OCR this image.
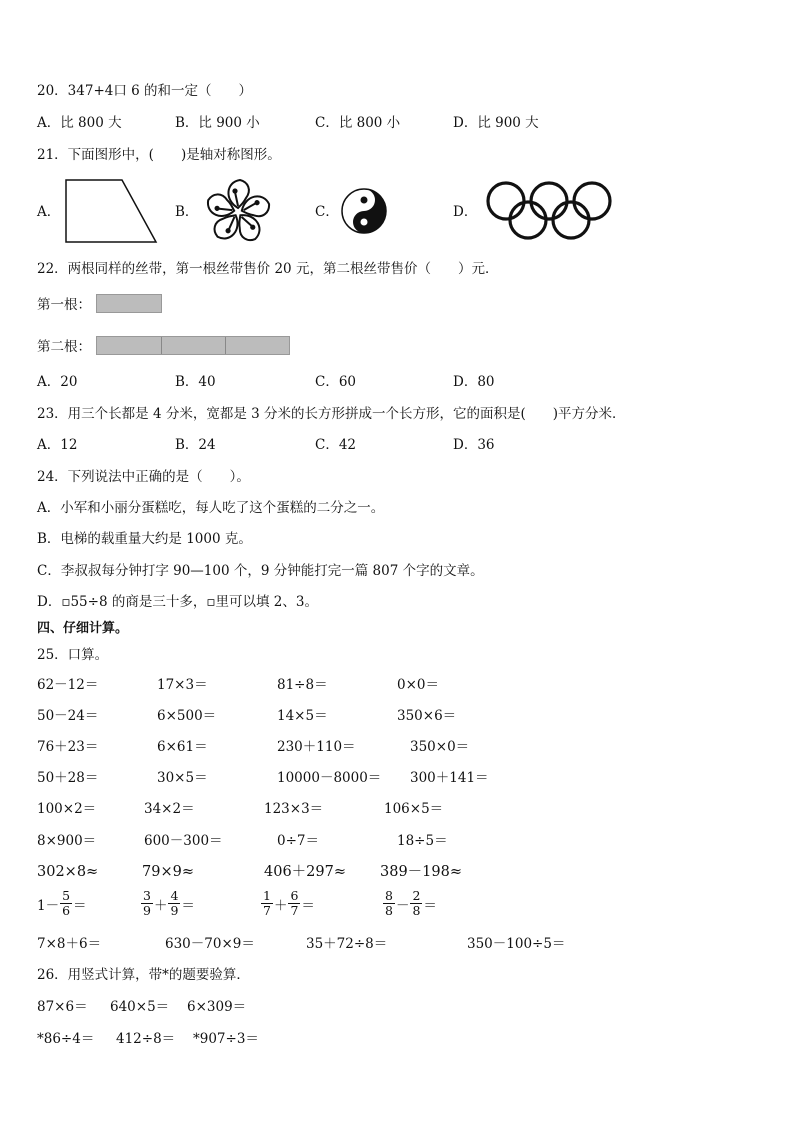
20．347+4口 6 的和一定（　　）
A．比 800 大	B．比 900 小	C．比 800 小	D．比 900 大
21．下面图形中，(　　)是轴对称图形。
A．	B．	C．	D．
22．两根同样的丝带，第一根丝带售价 20 元，第二根丝带售价（　　）元．
第一根：
第二根：
A．20	B．40	C．60	D．80
23．用三个长都是 4 分米，宽都是 3 分米的长方形拼成一个长方形，它的面积是(　　)平方分米．
A．12	B．24	C．42	D．36
24．下列说法中正确的是（　　）。
A．小军和小丽分蛋糕吃，每人吃了这个蛋糕的二分之一。
B．电梯的载重量大约是 1000 克。
C．李叔叔每分钟打字 90—100 个，9 分钟能打完一篇 807 个字的文章。
D．▫55÷8 的商是三十多，▫里可以填 2、3。
四、仔细计算。
25．口算。
62－12＝	17×3＝	81÷8＝	0×0＝
50－24＝	6×500＝	14×5＝	350×6＝
76＋23＝	6×61＝	230＋110＝	350×0＝
50＋28＝	30×5＝	10000－8000＝ 300＋141＝
100×2＝	34×2＝	123×3＝	106×5＝
8×900＝	600－300＝	0÷7＝	18÷5＝
302×8≈	79×9≈	406＋297≈ 389－198≈
$1- \frac{5}{6}$ ＝	$\frac{3}{9} + \frac{4}{9}$ ＝	$\frac{1}{7} + \frac{6}{7}$ ＝	$\frac{8}{8} - \frac{2}{8}$ ＝
7×8＋6＝	630－70×9＝	35＋72÷8＝	350－100÷5＝
26．用竖式计算，带*的题要验算．
87×6＝ 640×5＝ 6×309＝
*86÷4＝ 412÷8＝ *907÷3＝
